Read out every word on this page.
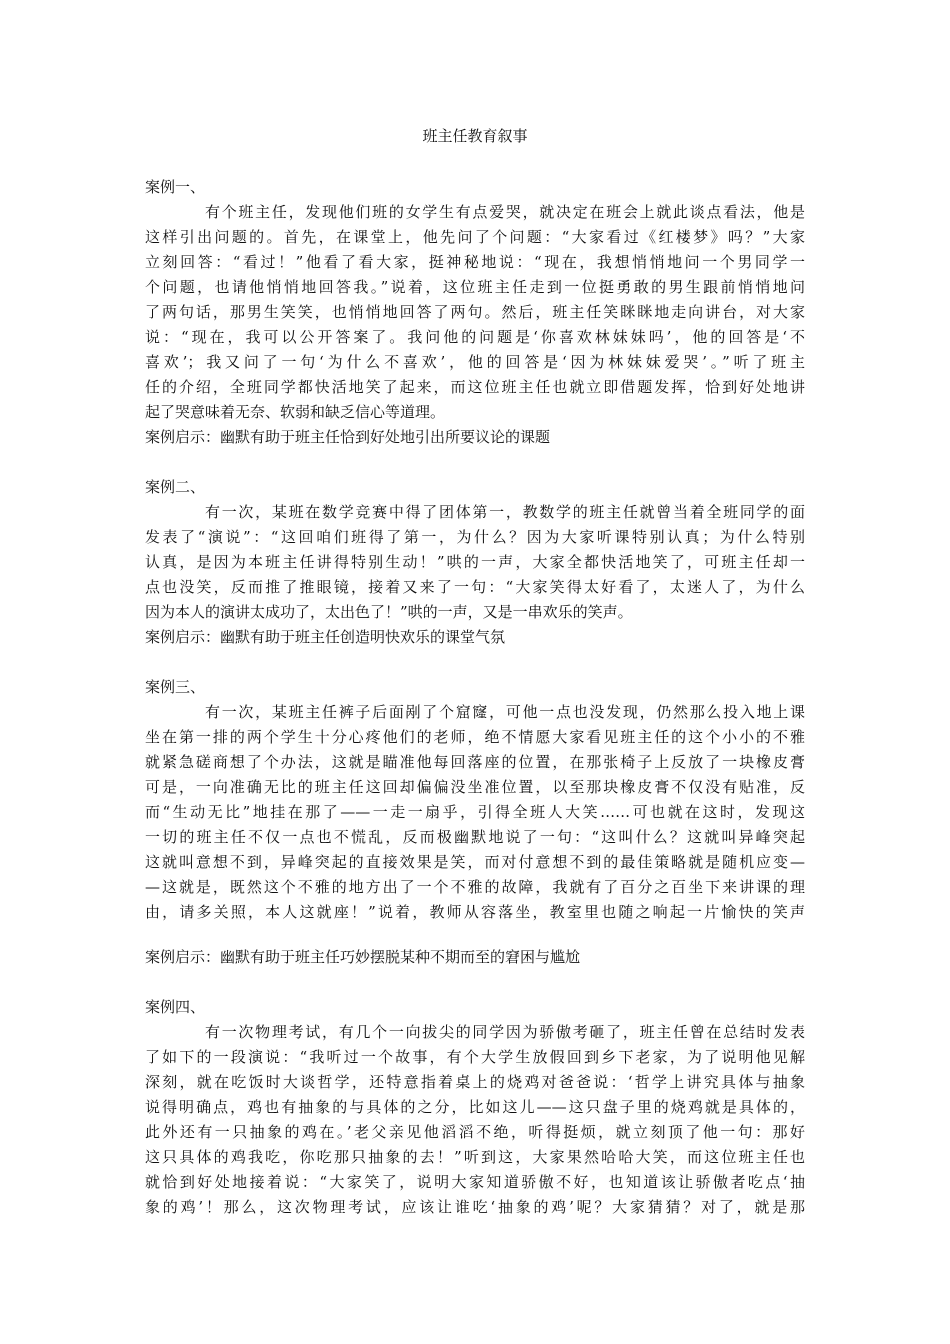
班主任教育叙事
案例一、
有个班主任，发现他们班的女学生有点爱哭，就决定在班会上就此谈点看法，他是
这样引出问题的。首先，在课堂上，他先问了个问题：“大家看过《红楼梦》吗？”大家
立刻回答：“看过！”他看了看大家，挺神秘地说：“现在，我想悄悄地问一个男同学一
个问题，也请他悄悄地回答我。”说着，这位班主任走到一位挺勇敢的男生跟前悄悄地问
了两句话，那男生笑笑，也悄悄地回答了两句。然后，班主任笑眯眯地走向讲台，对大家
说：“现在，我可以公开答案了。我问他的问题是‘你喜欢林妹妹吗’，他的回答是‘不
喜欢’；我又问了一句‘为什么不喜欢’，他的回答是‘因为林妹妹爱哭’。”听了班主
任的介绍，全班同学都快活地笑了起来，而这位班主任也就立即借题发挥，恰到好处地讲
起了哭意味着无奈、软弱和缺乏信心等道理。
案例启示：幽默有助于班主任恰到好处地引出所要议论的课题
案例二、
有一次，某班在数学竞赛中得了团体第一，教数学的班主任就曾当着全班同学的面
发表了“演说”：“这回咱们班得了第一，为什么？因为大家听课特别认真；为什么特别
认真，是因为本班主任讲得特别生动！”哄的一声，大家全都快活地笑了，可班主任却一
点也没笑，反而推了推眼镜，接着又来了一句：“大家笑得太好看了，太迷人了，为什么
因为本人的演讲太成功了，太出色了！”哄的一声，又是一串欢乐的笑声。
案例启示：幽默有助于班主任创造明快欢乐的课堂气氛
案例三、
有一次，某班主任裤子后面剐了个窟窿，可他一点也没发现，仍然那么投入地上课
坐在第一排的两个学生十分心疼他们的老师，绝不情愿大家看见班主任的这个小小的不雅
就紧急磋商想了个办法，这就是瞄准他每回落座的位置，在那张椅子上反放了一块橡皮膏
可是，一向准确无比的班主任这回却偏偏没坐准位置，以至那块橡皮膏不仅没有贴准，反
而“生动无比”地挂在那了——一走一扇乎，引得全班人大笑……可也就在这时，发现这
一切的班主任不仅一点也不慌乱，反而极幽默地说了一句：“这叫什么？这就叫异峰突起
这就叫意想不到，异峰突起的直接效果是笑，而对付意想不到的最佳策略就是随机应变—
—这就是，既然这个不雅的地方出了一个不雅的故障，我就有了百分之百坐下来讲课的理
由，请多关照，本人这就座！”说着，教师从容落坐，教室里也随之响起一片愉快的笑声
案例启示：幽默有助于班主任巧妙摆脱某种不期而至的窘困与尴尬
案例四、
有一次物理考试，有几个一向拔尖的同学因为骄傲考砸了，班主任曾在总结时发表
了如下的一段演说：“我听过一个故事，有个大学生放假回到乡下老家，为了说明他见解
深刻，就在吃饭时大谈哲学，还特意指着桌上的烧鸡对爸爸说：‘哲学上讲究具体与抽象
说得明确点，鸡也有抽象的与具体的之分，比如这儿——这只盘子里的烧鸡就是具体的，
此外还有一只抽象的鸡在。’老父亲见他滔滔不绝，听得挺烦，就立刻顶了他一句：那好
这只具体的鸡我吃，你吃那只抽象的去！”听到这，大家果然哈哈大笑，而这位班主任也
就恰到好处地接着说：“大家笑了，说明大家知道骄傲不好，也知道该让骄傲者吃点‘抽
象的鸡’！那么，这次物理考试，应该让谁吃‘抽象的鸡’呢？大家猜猜？对了，就是那
